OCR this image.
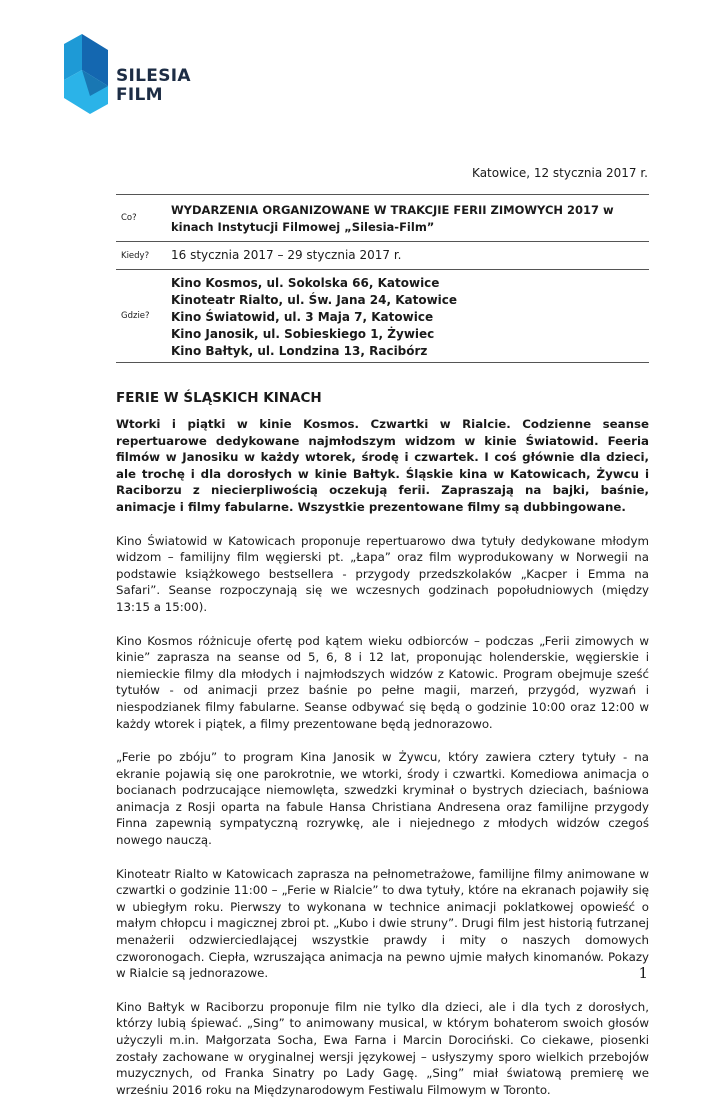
SILESIA
FILM
Katowice, 12 stycznia 2017 r.
Co?
WYDARZENIA ORGANIZOWANE W TRAKCJIE FERII ZIMOWYCH 2017 w kinach Instytucji Filmowej „Silesia-Film”
Kiedy?	16 stycznia 2017 – 29 stycznia 2017 r.
Gdzie?
Kino Kosmos, ul. Sokolska 66, Katowice
Kinoteatr Rialto, ul. Św. Jana 24, Katowice
Kino Światowid, ul. 3 Maja 7, Katowice
Kino Janosik, ul. Sobieskiego 1, Żywiec
Kino Bałtyk, ul. Londzina 13, Racibórz
FERIE W ŚLĄSKICH KINACH

Wtorki i piątki w kinie Kosmos. Czwartki w Rialcie. Codzienne seanse repertuarowe dedykowane najmłodszym widzom w kinie Światowid. Feeria filmów w Janosiku w każdy wtorek, środę i czwartek. I coś głównie dla dzieci, ale trochę i dla dorosłych w kinie Bałtyk. Śląskie kina w Katowicach, Żywcu i Raciborzu z niecierpliwością oczekują ferii. Zapraszają na bajki, baśnie, animacje i filmy fabularne. Wszystkie prezentowane filmy są dubbingowane.

Kino Światowid w Katowicach proponuje repertuarowo dwa tytuły dedykowane młodym widzom – familijny film węgierski pt. „Łapa” oraz film wyprodukowany w Norwegii na podstawie książkowego bestsellera - przygody przedszkolaków „Kacper i Emma na Safari”. Seanse rozpoczynają się we wczesnych godzinach popołudniowych (między 13:15 a 15:00).

Kino Kosmos różnicuje ofertę pod kątem wieku odbiorców – podczas „Ferii zimowych w kinie” zaprasza na seanse od 5, 6, 8 i 12 lat, proponując holenderskie, węgierskie i niemieckie filmy dla młodych i najmłodszych widzów z Katowic. Program obejmuje sześć tytułów - od animacji przez baśnie po pełne magii, marzeń, przygód, wyzwań i niespodzianek filmy fabularne. Seanse odbywać się będą o godzinie 10:00 oraz 12:00 w każdy wtorek i piątek, a filmy prezentowane będą jednorazowo.

„Ferie po zbóju” to program Kina Janosik w Żywcu, który zawiera cztery tytuły - na ekranie pojawią się one parokrotnie, we wtorki, środy i czwartki. Komediowa animacja o bocianach podrzucające niemowlęta, szwedzki kryminał o bystrych dzieciach, baśniowa animacja z Rosji oparta na fabule Hansa Christiana Andresena oraz familijne przygody Finna zapewnią sympatyczną rozrywkę, ale i niejednego z młodych widzów czegoś nowego nauczą.

Kinoteatr Rialto w Katowicach zaprasza na pełnometrażowe, familijne filmy animowane w czwartki o godzinie 11:00 – „Ferie w Rialcie” to dwa tytuły, które na ekranach pojawiły się w ubiegłym roku. Pierwszy to wykonana w technice animacji poklatkowej opowieść o małym chłopcu i magicznej zbroi pt. „Kubo i dwie struny”. Drugi film jest historią futrzanej menażerii odzwierciedlającej wszystkie prawdy i mity o naszych domowych czworonogach. Ciepła, wzruszająca animacja na pewno ujmie małych kinomanów. Pokazy w Rialcie są jednorazowe.

Kino Bałtyk w Raciborzu proponuje film nie tylko dla dzieci, ale i dla tych z dorosłych, którzy lubią śpiewać. „Sing” to animowany musical, w którym bohaterom swoich głosów użyczyli m.in. Małgorzata Socha, Ewa Farna i Marcin Dorociński. Co ciekawe, piosenki zostały zachowane w oryginalnej wersji językowej – usłyszymy sporo wielkich przebojów muzycznych, od Franka Sinatry po Lady Gagę. „Sing” miał światową premierę we wrześniu 2016 roku na Międzynarodowym Festiwalu Filmowym w Toronto.

1
